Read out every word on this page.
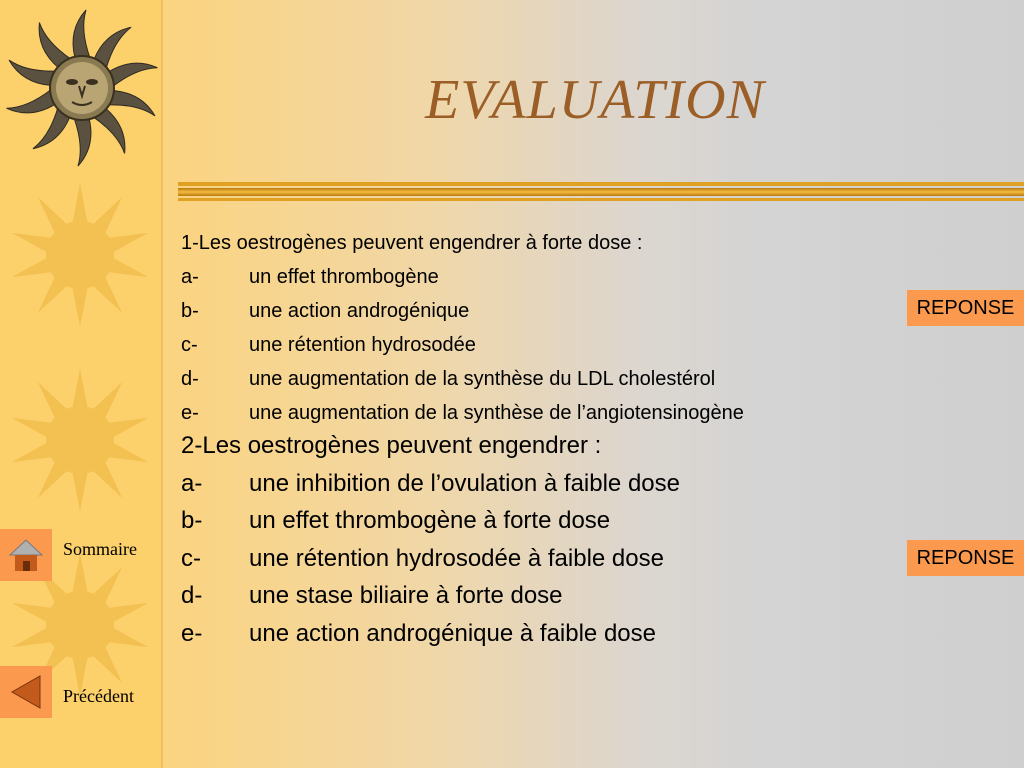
EVALUATION
1-Les oestrogènes peuvent engendrer à forte dose :
a-	un effet thrombogène
b-	une action androgénique
c-	une rétention hydrosodée
d-	une augmentation de la synthèse du LDL cholestérol
e-	une augmentation de la synthèse de l’angiotensinogène
2-Les oestrogènes peuvent engendrer :
a- une inhibition de l’ovulation à faible dose
b- un effet thrombogène à forte dose
c- une rétention hydrosodée à faible dose
d- une stase biliaire à forte dose
e- une action androgénique à faible dose
REPONSE
REPONSE
Sommaire
Précédent
